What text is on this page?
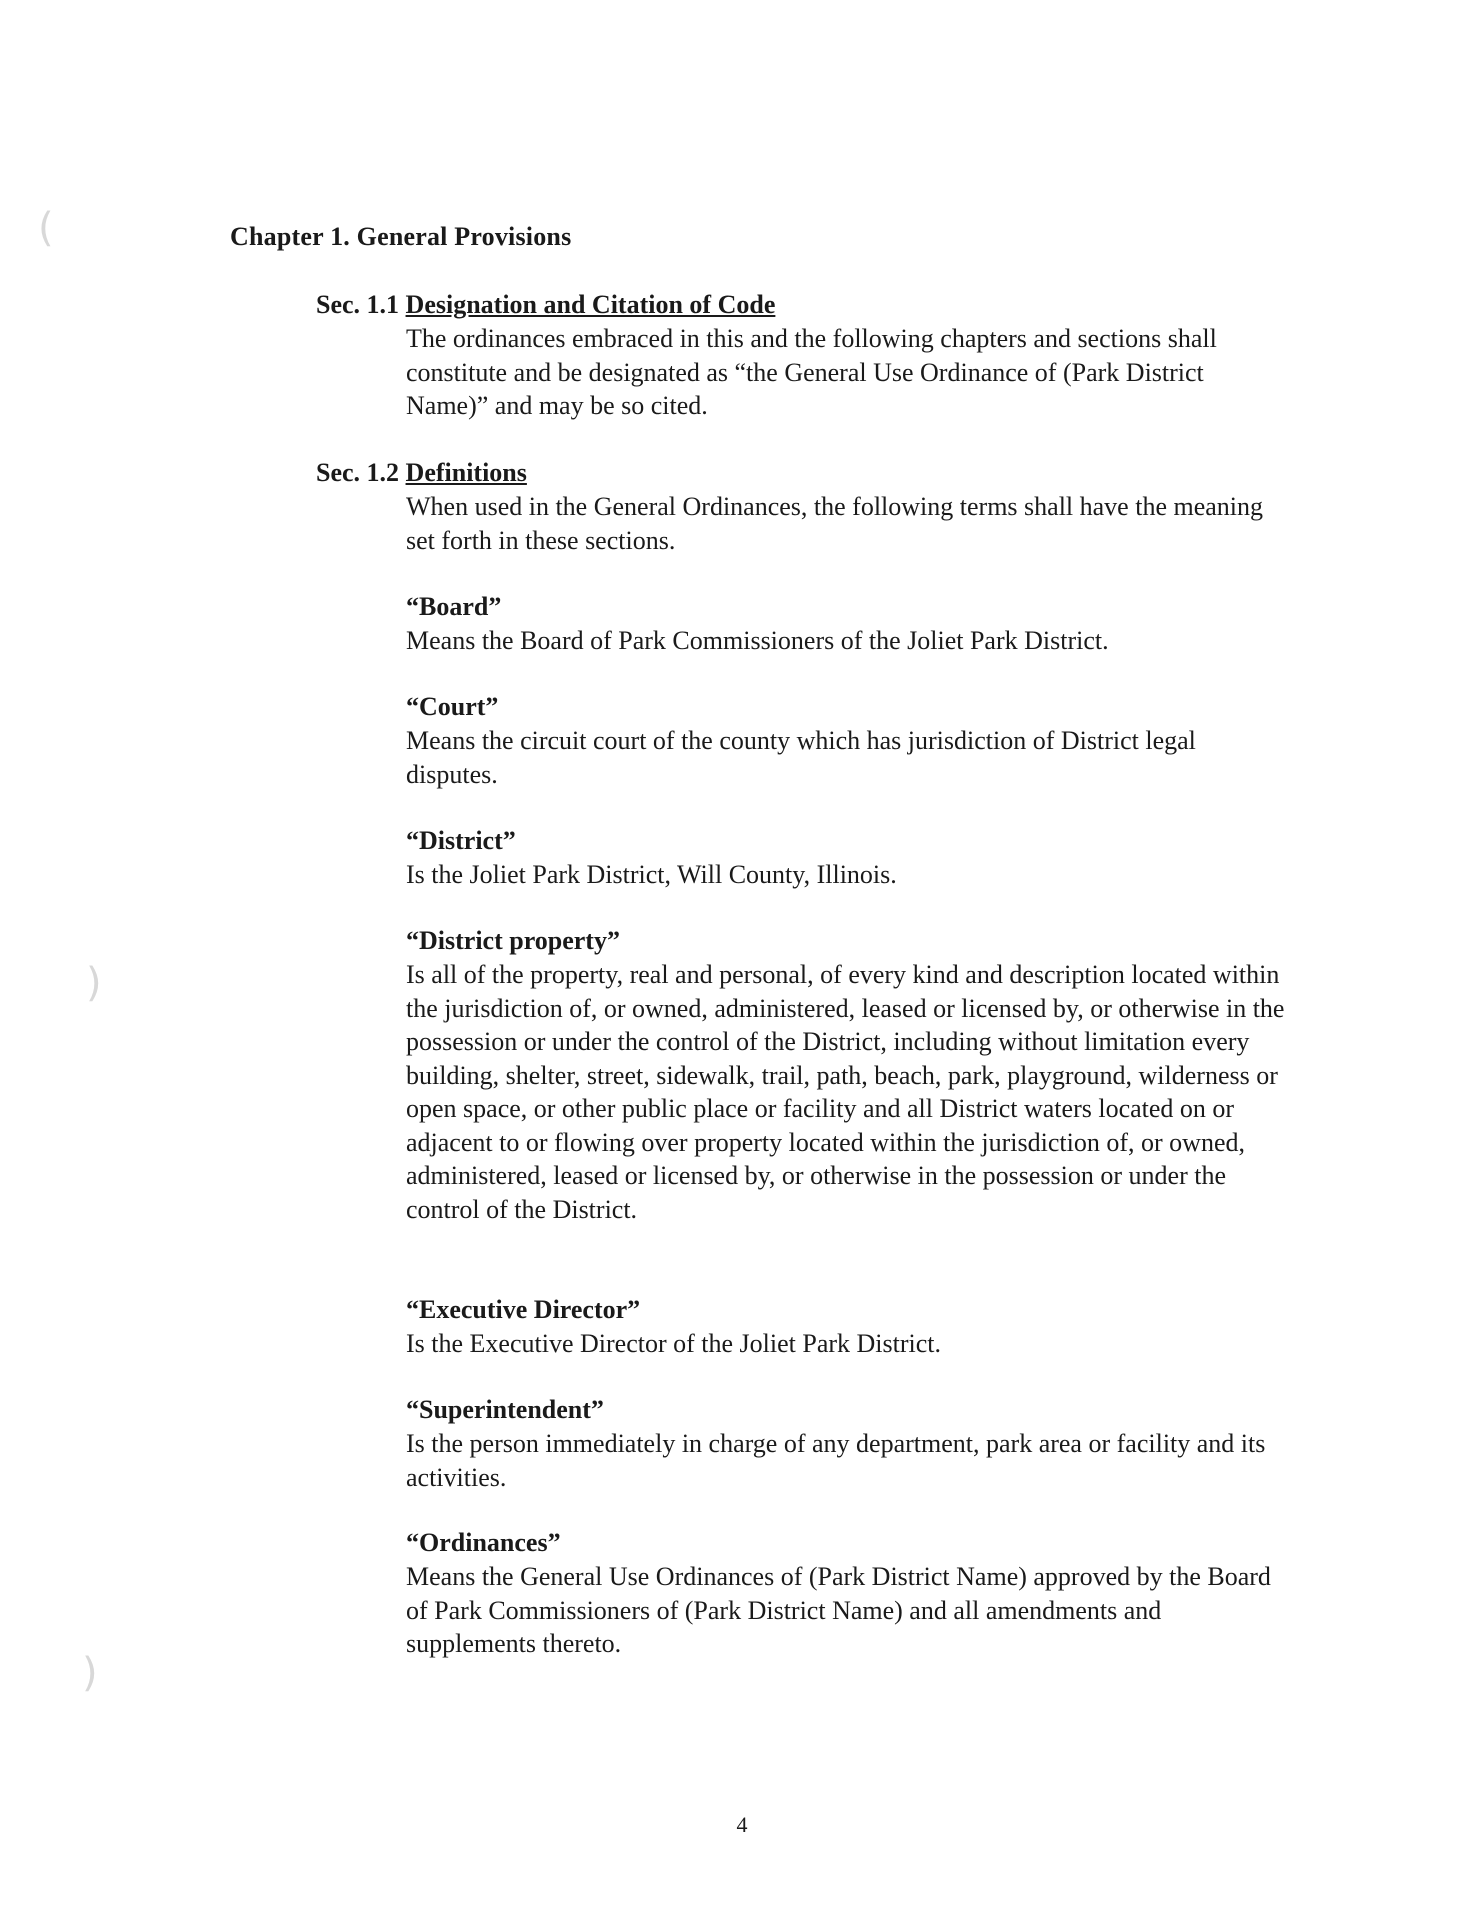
(
)
)
Chapter 1. General Provisions

Sec. 1.1 Designation and Citation of Code

The ordinances embraced in this and the following chapters and sections shall constitute and be designated as “the General Use Ordinance of (Park District Name)” and may be so cited.

Sec. 1.2 Definitions

When used in the General Ordinances, the following terms shall have the meaning set forth in these sections.

“Board”

Means the Board of Park Commissioners of the Joliet Park District.

“Court”

Means the circuit court of the county which has jurisdiction of District legal disputes.

“District”

Is the Joliet Park District, Will County, Illinois.

“District property”

Is all of the property, real and personal, of every kind and description located within the jurisdiction of, or owned, administered, leased or licensed by, or otherwise in the possession or under the control of the District, including without limitation every building, shelter, street, sidewalk, trail, path, beach, park, playground, wilderness or open space, or other public place or facility and all District waters located on or adjacent to or flowing over property located within the jurisdiction of, or owned, administered, leased or licensed by, or otherwise in the possession or under the control of the District.

“Executive Director”

Is the Executive Director of the Joliet Park District.

“Superintendent”

Is the person immediately in charge of any department, park area or facility and its activities.

“Ordinances”

Means the General Use Ordinances of (Park District Name) approved by the Board of Park Commissioners of (Park District Name) and all amendments and supplements thereto.

4
